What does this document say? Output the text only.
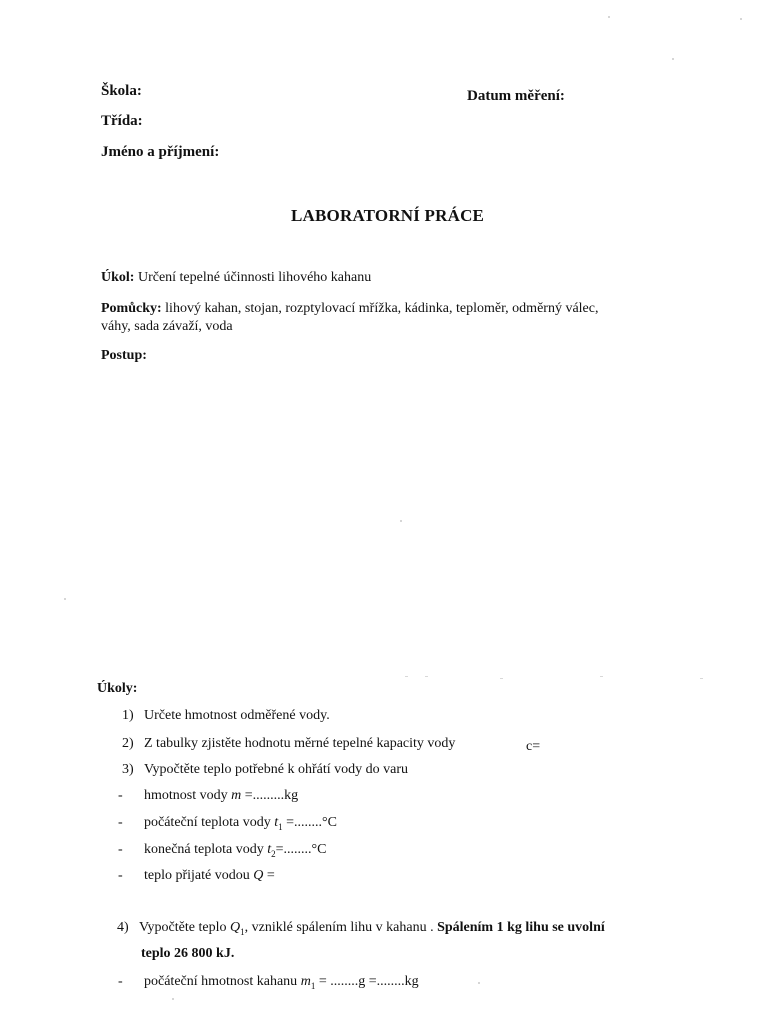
Škola:	Datum měření:
Třída:
Jméno a příjmení:
LABORATORNÍ PRÁCE
Úkol: Určení tepelné účinnosti lihového kahanu
Pomůcky: lihový kahan, stojan, rozptylovací mřížka, kádinka, teploměr, odměrný válec,
váhy, sada závaží, voda
Postup:
Úkoly:
1) Určete hmotnost odměřené vody.
2) Z tabulky zjistěte hodnotu měrné tepelné kapacity vody	c=
3) Vypočtěte teplo potřebné k ohřátí vody do varu
- hmotnost vody m =.........kg
- počáteční teplota vody $t_1 =........^\circ C$
- konečná teplota vody $t_2=........^\circ C$
- teplo přijaté vodou Q =
4) Vypočtěte teplo $Q_1$, vzniklé spálením lihu v kahanu . Spálením 1 kg lihu se uvolní
teplo 26 800 kJ.
- počáteční hmotnost kahanu $m_1 = ........g =........kg$
